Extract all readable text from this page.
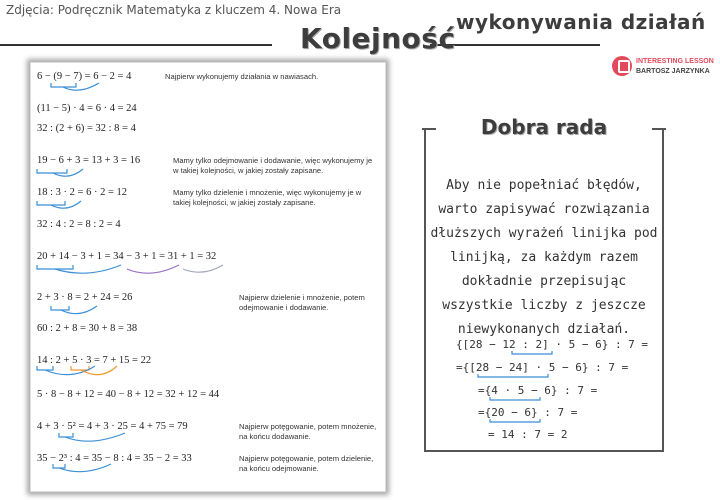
Zdjęcia: Podręcznik Matematyka z kluczem 4. Nowa Era
Kolejność wykonywania działań
INTERESTING LESSON
BARTOSZ JARZYNKA
6 − (9 − 7) = 6 − 2 = 4
(11 − 5) · 4 = 6 · 4 = 24
32 : (2 + 6) = 32 : 8 = 4
19 − 6 + 3 = 13 + 3 = 16
18 : 3 · 2 = 6 · 2 = 12
32 : 4 : 2 = 8 : 2 = 4
20 + 14 − 3 + 1 = 34 − 3 + 1 = 31 + 1 = 32
2 + 3 · 8 = 2 + 24 = 26
60 : 2 + 8 = 30 + 8 = 38
14 : 2 + 5 · 3 = 7 + 15 = 22
5 · 8 − 8 + 12 = 40 − 8 + 12 = 32 + 12 = 44
4 + 3 · 5² = 4 + 3 · 25 = 4 + 75 = 79
35 − 2³ : 4 = 35 − 8 : 4 = 35 − 2 = 33
Najpierw wykonujemy działania w nawiasach.
Mamy tylko odejmowanie i dodawanie, więc wykonujemy je w takiej kolejności, w jakiej zostały zapisane.
Mamy tylko dzielenie i mnożenie, więc wykonujemy je w takiej kolejności, w jakiej zostały zapisane.
Najpierw dzielenie i mnożenie, potem odejmowanie i dodawanie.
Najpierw potęgowanie, potem mnożenie, na końcu dodawanie.
Najpierw potęgowanie, potem dzielenie, na końcu odejmowanie.
Dobra rada
Aby nie popełniać błędów,
warto zapisywać rozwiązania
dłuższych wyrażeń linijka pod
linijką, za każdym razem
dokładnie przepisując
wszystkie liczby z jeszcze
niewykonanych działań.
{[28 − 12 : 2] · 5 − 6} : 7 =
={[28 − 24] · 5 − 6} : 7 =
={4 · 5 − 6} : 7 =
={20 − 6} : 7 =
= 14 : 7 = 2
